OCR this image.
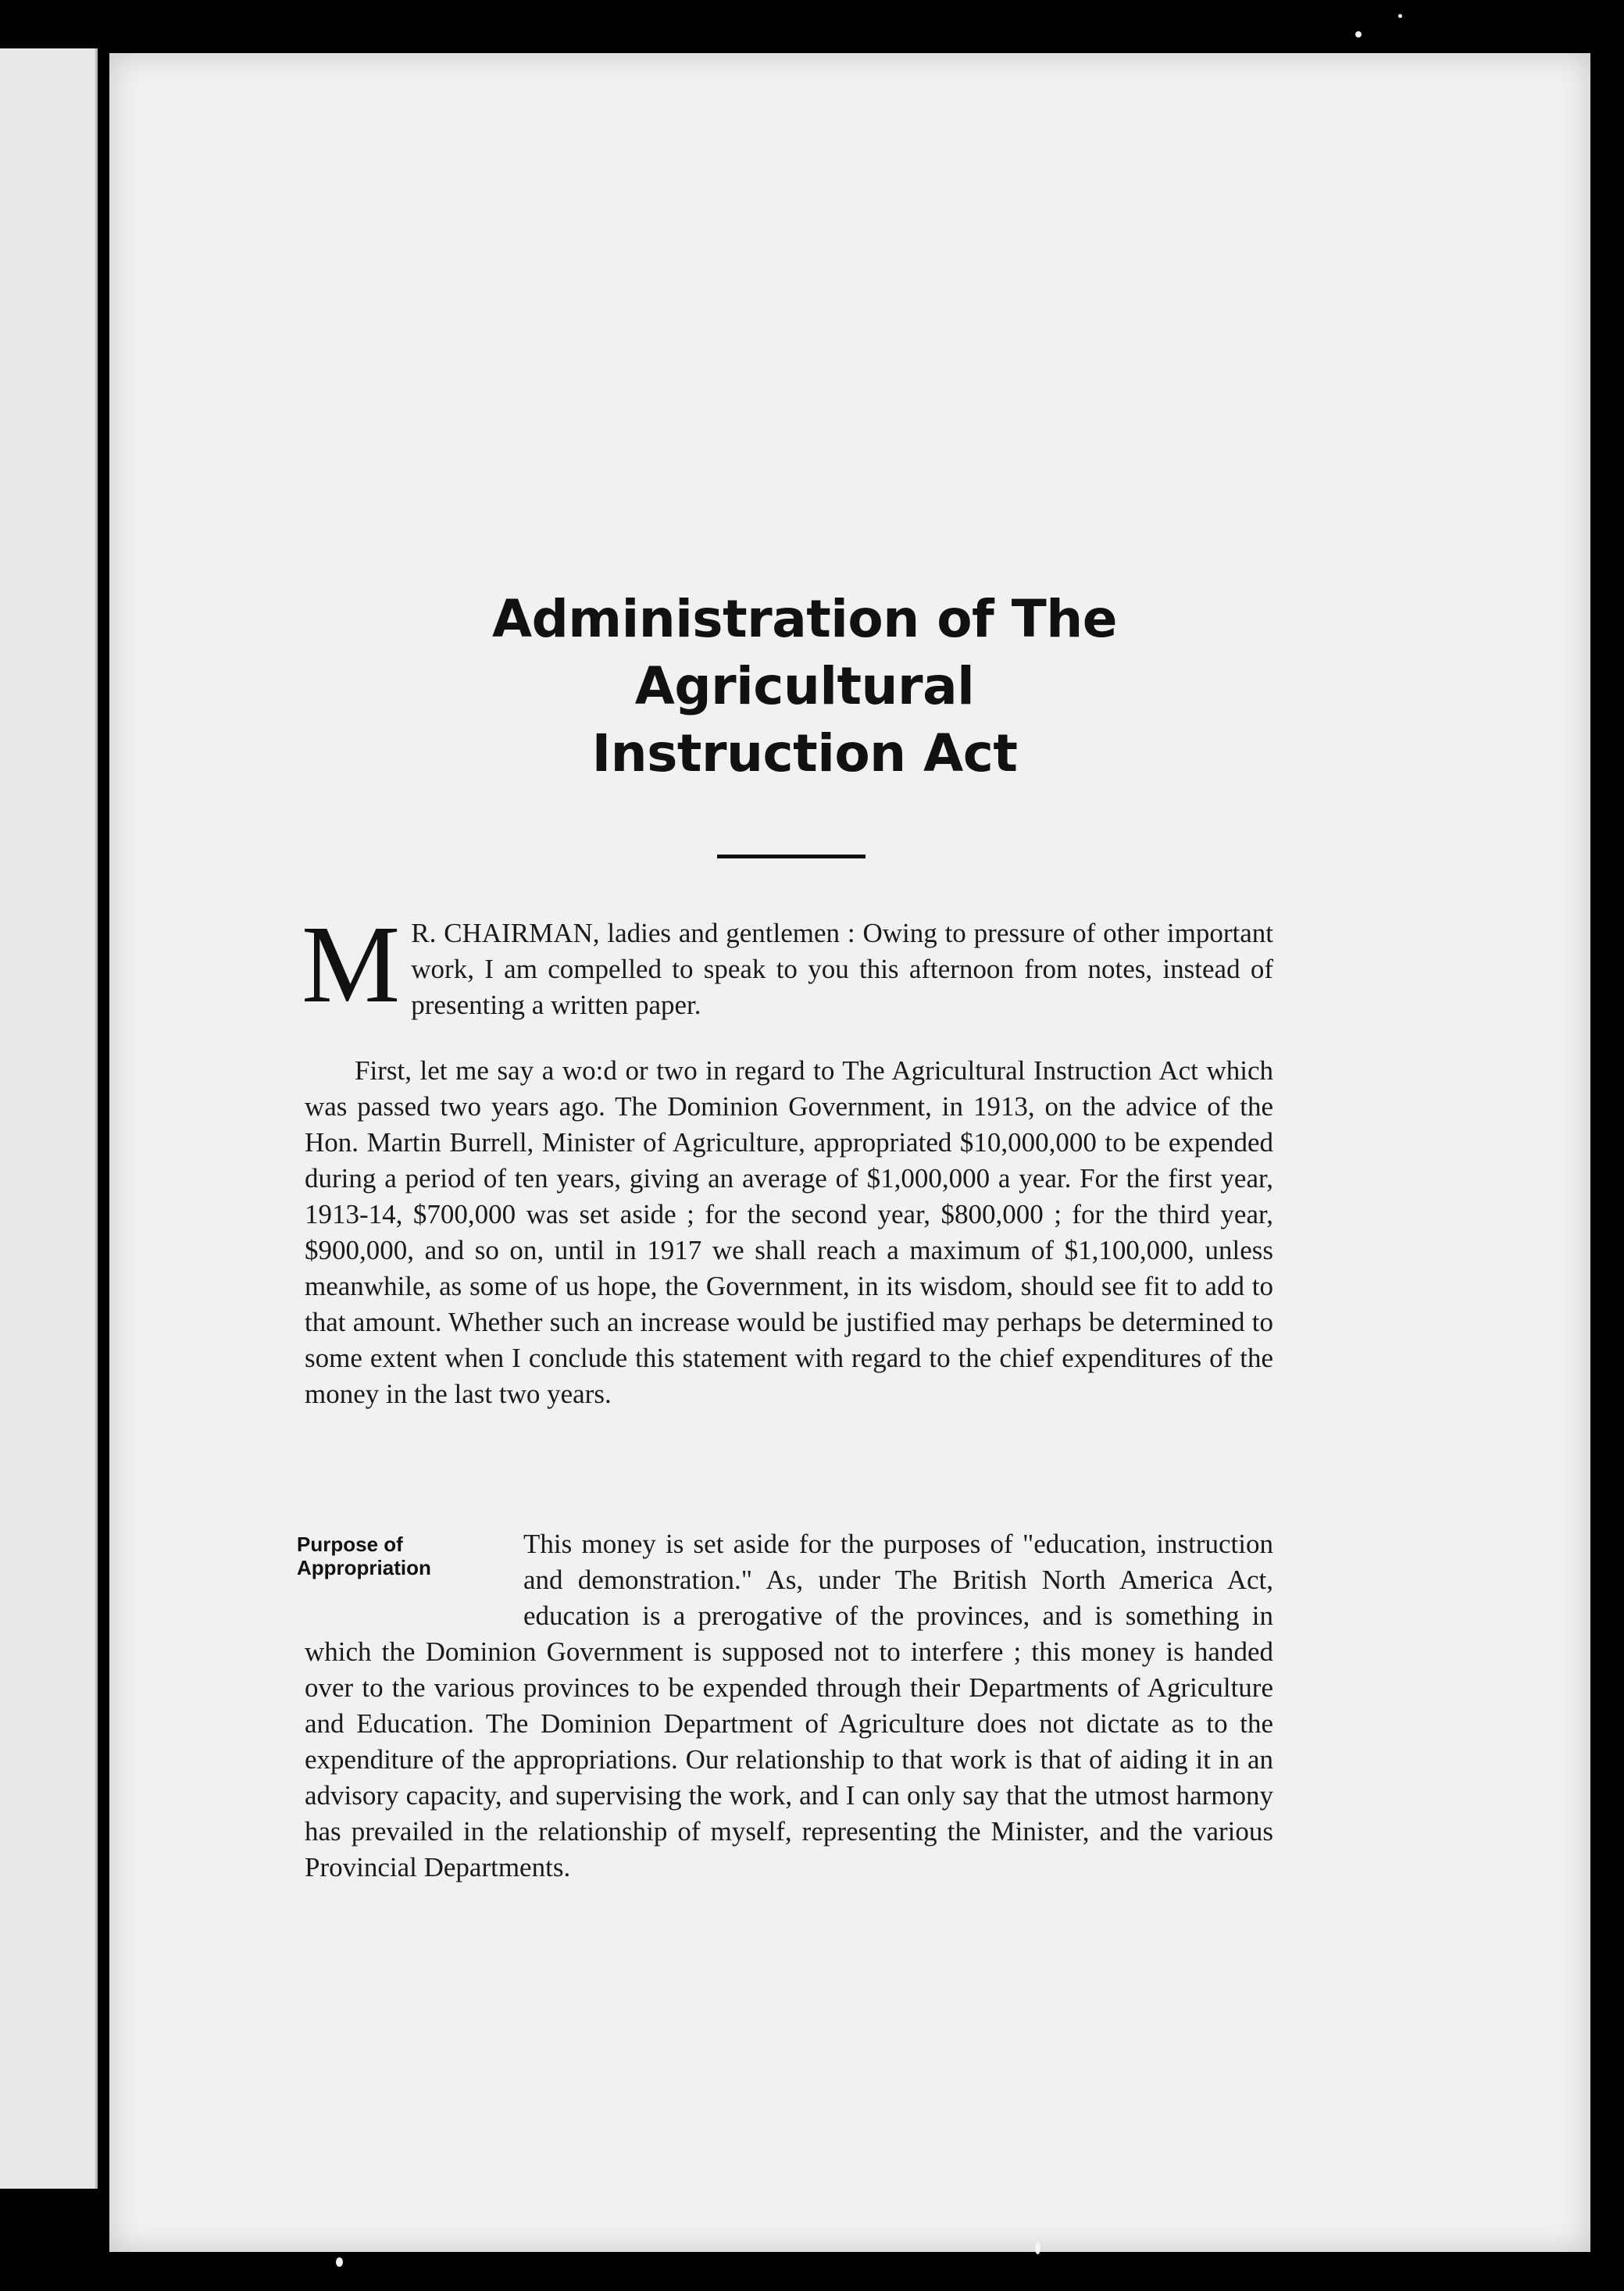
Administration of The Agricultural
Instruction Act

M R. CHAIRMAN, ladies and gentlemen : Owing to pressure of other important work, I am compelled to speak to you this afternoon from notes, instead of presenting a written paper.

First, let me say a wo:d or two in regard to The Agricultural Instruction Act which was passed two years ago. The Dominion Government, in 1913, on the advice of the Hon. Martin Burrell, Minister of Agriculture, appropriated $10,000,000 to be expended during a period of ten years, giving an average of $1,000,000 a year. For the first year, 1913-14, $700,000 was set aside ; for the second year, $800,000 ; for the third year, $900,000, and so on, until in 1917 we shall reach a maximum of $1,100,000, unless meanwhile, as some of us hope, the Government, in its wisdom, should see fit to add to that amount. Whether such an increase would be justified may perhaps be determined to some extent when I conclude this statement with regard to the chief expenditures of the money in the last two years.

Purpose of
Appropriation
This money is set aside for the purposes of "education, instruction and demonstration." As, under The British North America Act, education is a prerogative of the provinces, and is something in which the Dominion Government is supposed not to interfere ; this money is handed over to the various provinces to be expended through their Departments of Agriculture and Education. The Dominion Department of Agriculture does not dictate as to the expenditure of the appropriations. Our relationship to that work is that of aiding it in an advisory capacity, and supervising the work, and I can only say that the utmost harmony has prevailed in the relationship of myself, representing the Minister, and the various Provincial Departments.
